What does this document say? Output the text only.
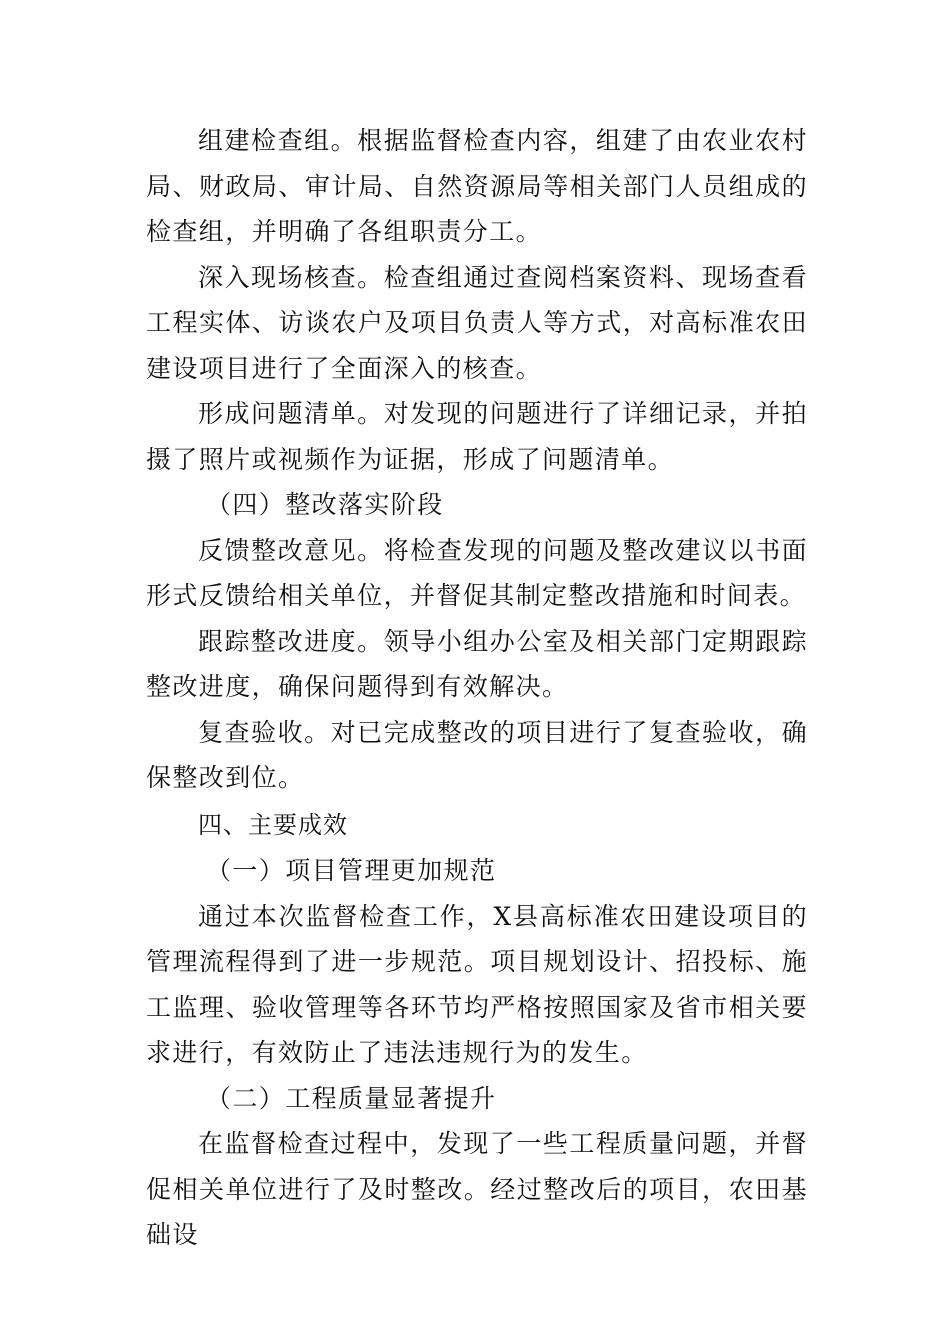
组建检查组。根据监督检查内容，组建了由农业农村局、财政局、审计局、自然资源局等相关部门人员组成的检查组，并明确了各组职责分工。

深入现场核查。检查组通过查阅档案资料、现场查看工程实体、访谈农户及项目负责人等方式，对高标准农田建设项目进行了全面深入的核查。

形成问题清单。对发现的问题进行了详细记录，并拍摄了照片或视频作为证据，形成了问题清单。

（四）整改落实阶段

反馈整改意见。将检查发现的问题及整改建议以书面形式反馈给相关单位，并督促其制定整改措施和时间表。

跟踪整改进度。领导小组办公室及相关部门定期跟踪整改进度，确保问题得到有效解决。

复查验收。对已完成整改的项目进行了复查验收，确保整改到位。

四、主要成效

（一）项目管理更加规范

通过本次监督检查工作，X县高标准农田建设项目的管理流程得到了进一步规范。项目规划设计、招投标、施工监理、验收管理等各环节均严格按照国家及省市相关要求进行，有效防止了违法违规行为的发生。

（二）工程质量显著提升

在监督检查过程中，发现了一些工程质量问题，并督促相关单位进行了及时整改。经过整改后的项目，农田基础设
